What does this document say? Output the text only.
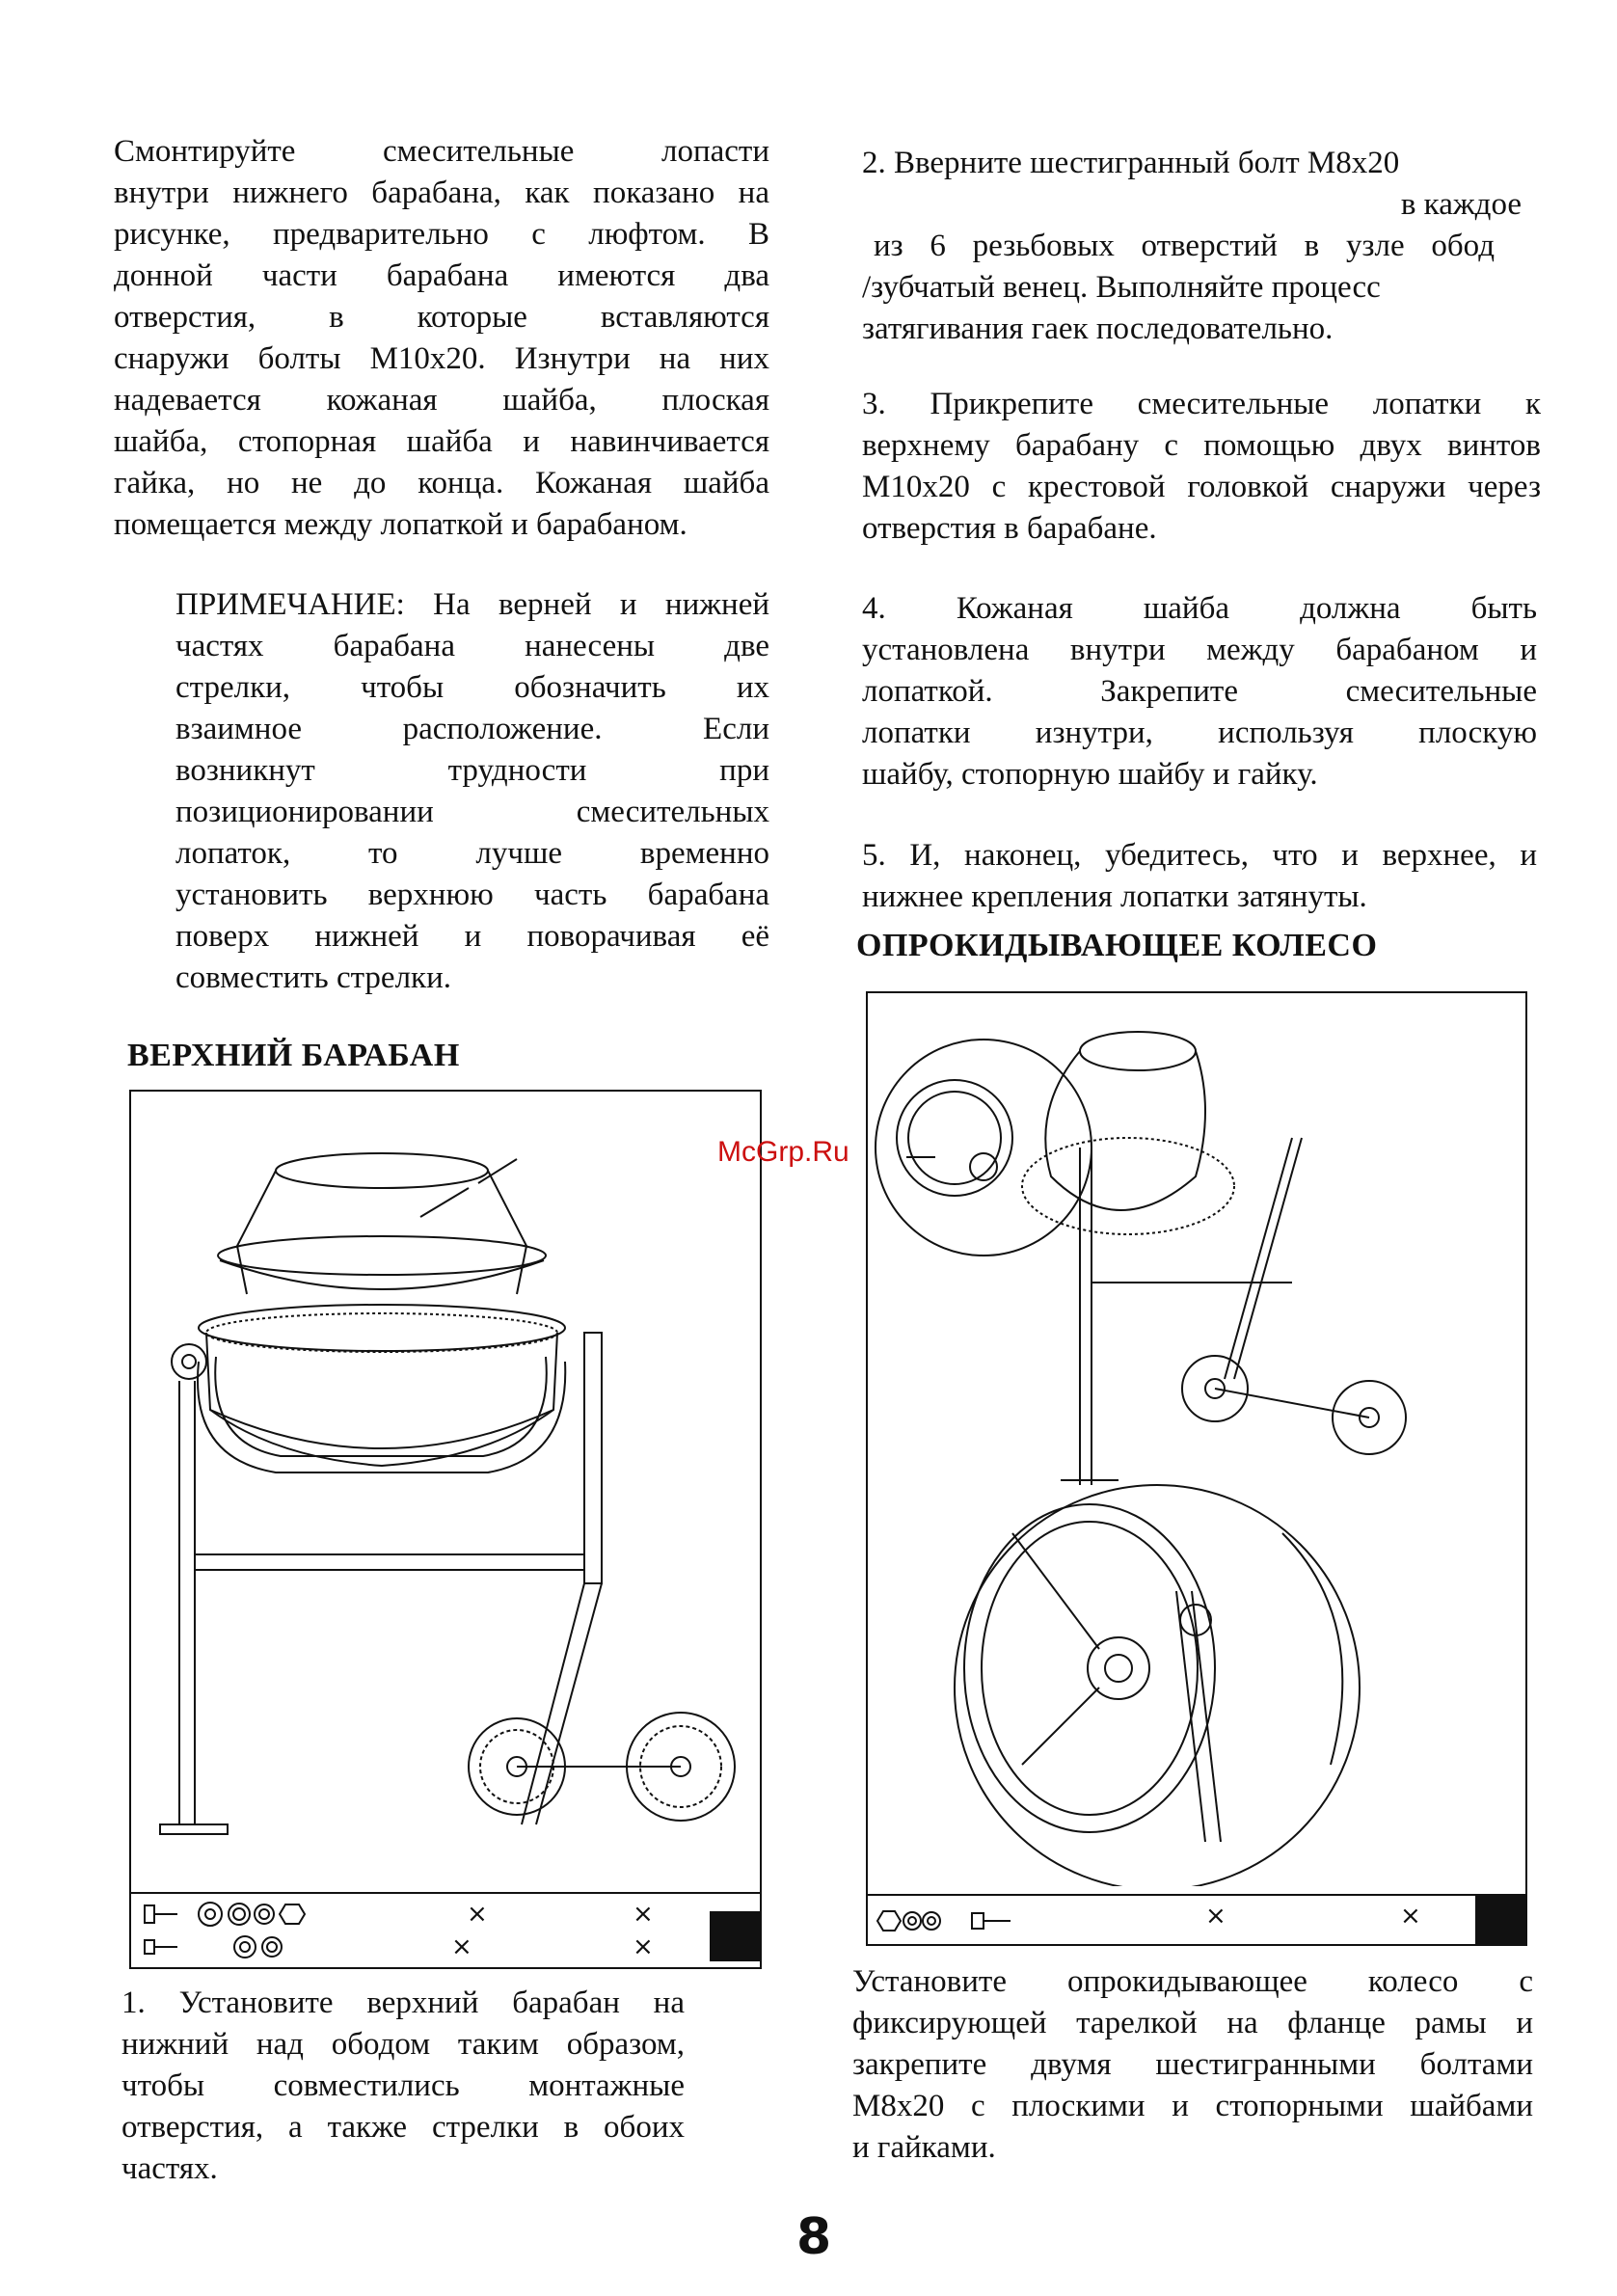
Смонтируйте смесительные лопасти
внутри нижнего барабана, как показано на
рисунке, предварительно с люфтом. В
донной части барабана имеются два
отверстия, в которые вставляются
снаружи болты M10x20. Изнутри на них
надевается кожаная шайба, плоская
шайба, стопорная шайба и навинчивается
гайка, но не до конца. Кожаная шайба
помещается между лопаткой и барабаном.
ПРИМЕЧАНИЕ: На верней и нижней
частях барабана нанесены две
стрелки, чтобы обозначить их
взаимное расположение. Если
возникнут трудности при
позиционировании смесительных
лопаток, то лучше временно
установить верхнюю часть барабана
поверх нижней и поворачивая её
совместить стрелки.
ВЕРХНИЙ БАРАБАН
×	×
×	×
1. Установите верхний барабан на
нижний над ободом таким образом,
чтобы совместились монтажные
отверстия, а также стрелки в обоих
частях.
2. Вверните шестигранный болт M8x20
в каждое
из 6 резьбовых отверстий в узле обод
/зубчатый венец. Выполняйте процесс
затягивания гаек последовательно.
3. Прикрепите смесительные лопатки к
верхнему барабану с помощью двух винтов
M10x20 с крестовой головкой снаружи через
отверстия в барабане.
4. Кожаная шайба должна быть
установлена внутри между барабаном и
лопаткой. Закрепите смесительные
лопатки изнутри, используя плоскую
шайбу, стопорную шайбу и гайку.
5. И, наконец, убедитесь, что и верхнее, и
нижнее крепления лопатки затянуты.
ОПРОКИДЫВАЮЩЕЕ КОЛЕСО
×	×
Установите опрокидывающее колесо с
фиксирующей тарелкой на фланце рамы и
закрепите двумя шестигранными болтами
M8x20 с плоскими и стопорными шайбами
и гайками.
McGrp.Ru
8
